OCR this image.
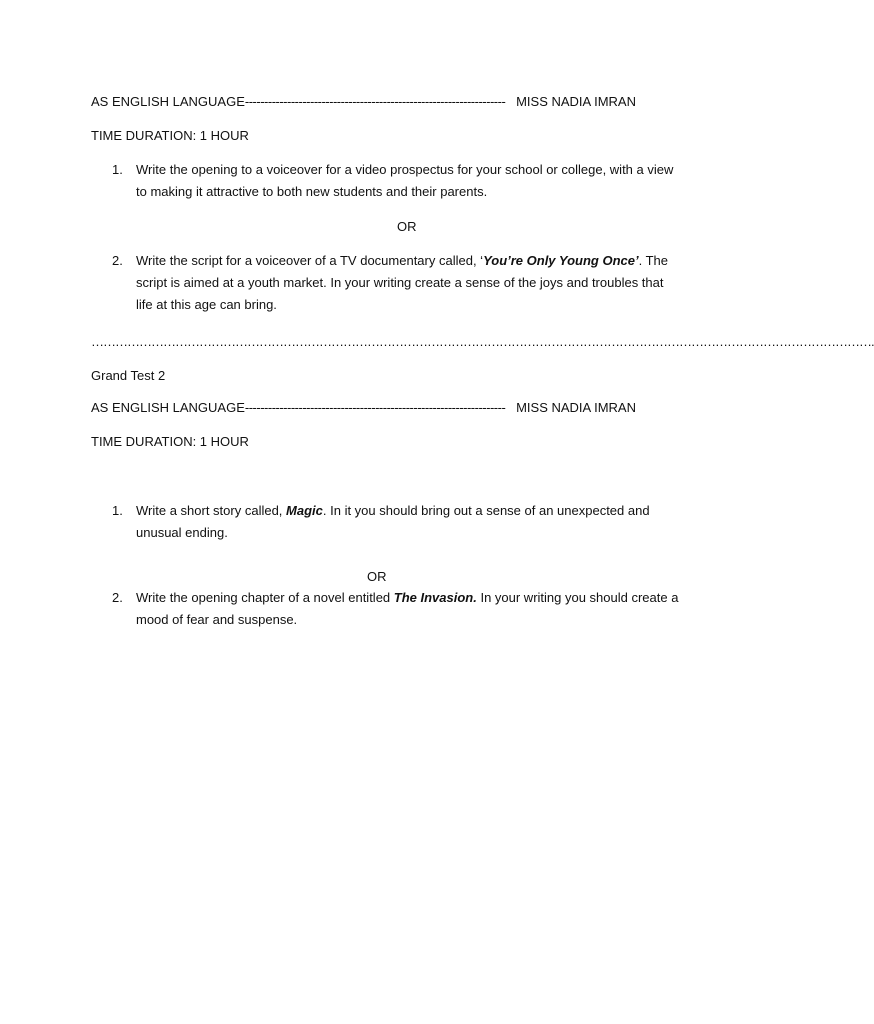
AS ENGLISH LANGUAGE -------------------------------------------------------------------- MISS NADIA IMRAN
TIME DURATION: 1 HOUR
1.	Write the opening to a voiceover for a video prospectus for your school or college, with a view to making it attractive to both new students and their parents.
OR
2.	Write the script for a voiceover of a TV documentary called, ‘You’re Only Young Once’. The script is aimed at a youth market. In your writing create a sense of the joys and troubles that life at this age can bring.
…………………………………………………………………………………………………………………………………………………………………………….
Grand Test 2
AS ENGLISH LANGUAGE -------------------------------------------------------------------- MISS NADIA IMRAN
TIME DURATION: 1 HOUR
1.	Write a short story called, Magic. In it you should bring out a sense of an unexpected and unusual ending.
OR
2.	Write the opening chapter of a novel entitled The Invasion. In your writing you should create a mood of fear and suspense.
